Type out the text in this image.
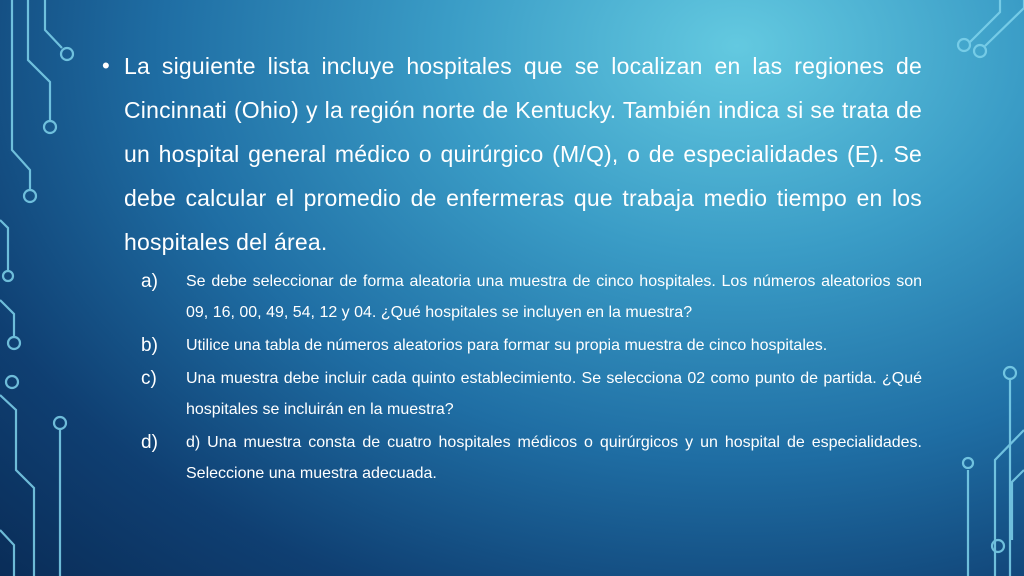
• La siguiente lista incluye hospitales que se localizan en las regiones de Cincinnati (Ohio) y la región norte de Kentucky. También indica si se trata de un hospital general médico o quirúrgico (M/Q), o de especialidades (E). Se debe calcular el promedio de enfermeras que trabaja medio tiempo en los hospitales del área.
a) Se debe seleccionar de forma aleatoria una muestra de cinco hospitales. Los números aleatorios son 09, 16, 00, 49, 54, 12 y 04. ¿Qué hospitales se incluyen en la muestra?
b) Utilice una tabla de números aleatorios para formar su propia muestra de cinco hospitales.
c) Una muestra debe incluir cada quinto establecimiento. Se selecciona 02 como punto de partida. ¿Qué hospitales se incluirán en la muestra?
d) d) Una muestra consta de cuatro hospitales médicos o quirúrgicos y un hospital de especialidades. Seleccione una muestra adecuada.
